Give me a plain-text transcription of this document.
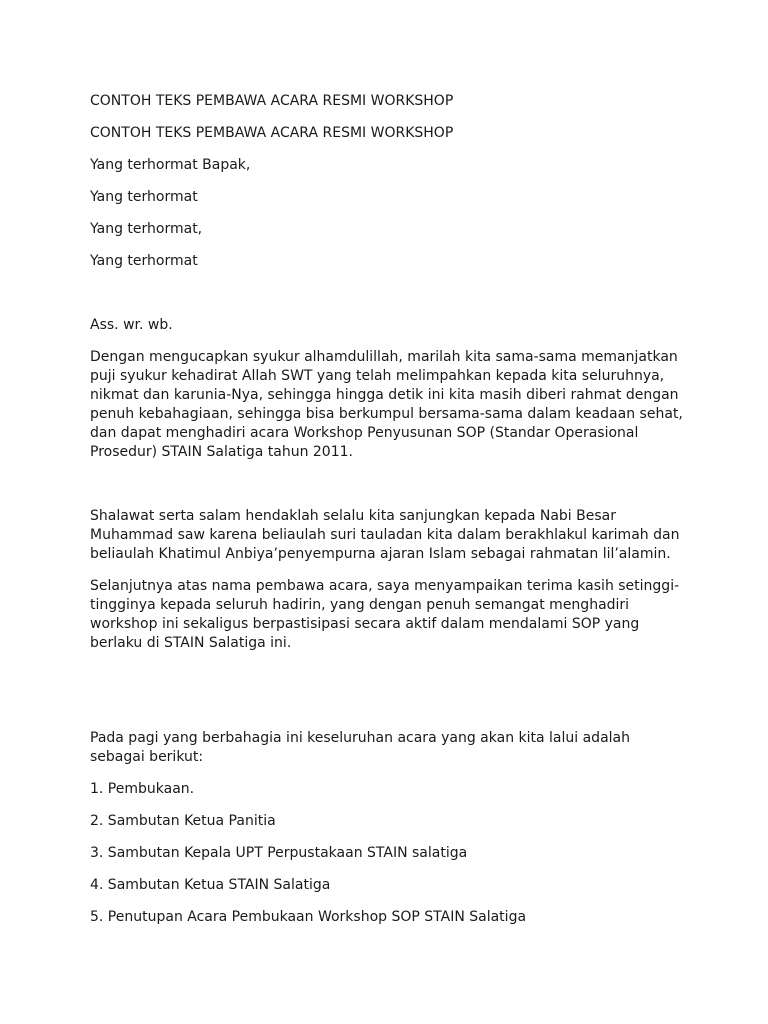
CONTOH TEKS PEMBAWA ACARA RESMI WORKSHOP

CONTOH TEKS PEMBAWA ACARA RESMI WORKSHOP

Yang terhormat Bapak,

Yang terhormat

Yang terhormat,

Yang terhormat

Ass. wr. wb.

Dengan mengucapkan syukur alhamdulillah, marilah kita sama-sama memanjatkan
puji syukur kehadirat Allah SWT yang telah melimpahkan kepada kita seluruhnya,
nikmat dan karunia-Nya, sehingga hingga detik ini kita masih diberi rahmat dengan
penuh kebahagiaan, sehingga bisa berkumpul bersama-sama dalam keadaan sehat,
dan dapat menghadiri acara Workshop Penyusunan SOP (Standar Operasional
Prosedur) STAIN Salatiga tahun 2011.

Shalawat serta salam hendaklah selalu kita sanjungkan kepada Nabi Besar
Muhammad saw karena beliaulah suri tauladan kita dalam berakhlakul karimah dan
beliaulah Khatimul Anbiya’penyempurna ajaran Islam sebagai rahmatan lil’alamin.

Selanjutnya atas nama pembawa acara, saya menyampaikan terima kasih setinggi-
tingginya kepada seluruh hadirin, yang dengan penuh semangat menghadiri
workshop ini sekaligus berpastisipasi secara aktif dalam mendalami SOP yang
berlaku di STAIN Salatiga ini.

Pada pagi yang berbahagia ini keseluruhan acara yang akan kita lalui adalah
sebagai berikut:

1. Pembukaan.

2. Sambutan Ketua Panitia

3. Sambutan Kepala UPT Perpustakaan STAIN salatiga

4. Sambutan Ketua STAIN Salatiga

5. Penutupan Acara Pembukaan Workshop SOP STAIN Salatiga
